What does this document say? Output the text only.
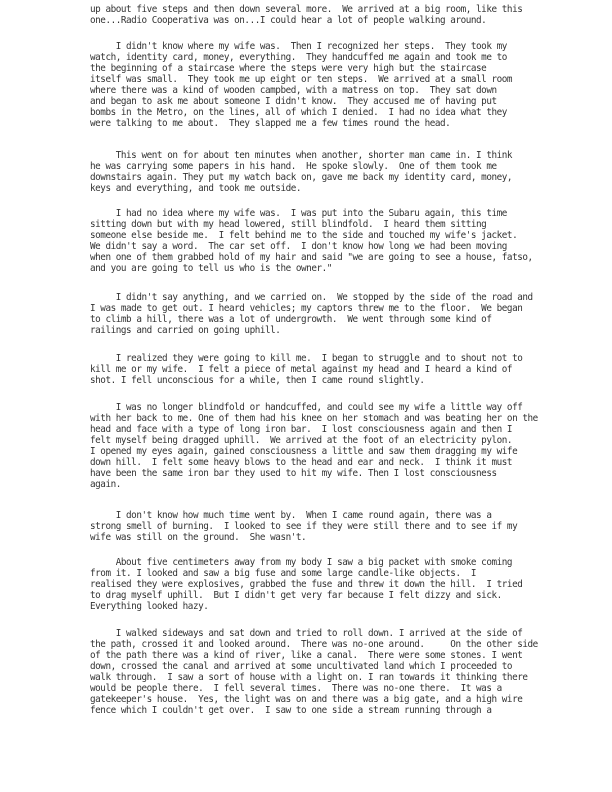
up about five steps and then down several more.  We arrived at a big room, like this

one...Radio Cooperativa was on...I could hear a lot of people walking around.

I didn't know where my wife was.  Then I recognized her steps.  They took my

watch, identity card, money, everything.  They handcuffed me again and took me to

the beginning of a staircase where the steps were very high but the staircase

itself was small.  They took me up eight or ten steps.  We arrived at a small room

where there was a kind of wooden campbed, with a matress on top.  They sat down

and began to ask me about someone I didn't know.  They accused me of having put

bombs in the Metro, on the lines, all of which I denied.  I had no idea what they

were talking to me about.  They slapped me a few times round the head.

This went on for about ten minutes when another, shorter man came in. I think

he was carrying some papers in his hand.  He spoke slowly.  One of them took me

downstairs again. They put my watch back on, gave me back my identity card, money,

keys and everything, and took me outside.

I had no idea where my wife was.  I was put into the Subaru again, this time

sitting down but with my head lowered, still blindfold.  I heard them sitting

someone else beside me.  I felt behind me to the side and touched my wife's jacket.

We didn't say a word.  The car set off.  I don't know how long we had been moving

when one of them grabbed hold of my hair and said "we are going to see a house, fatso,

and you are going to tell us who is the owner."

I didn't say anything, and we carried on.  We stopped by the side of the road and

I was made to get out. I heard vehicles; my captors threw me to the floor.  We began

to climb a hill, there was a lot of undergrowth.  We went through some kind of

railings and carried on going uphill.

I realized they were going to kill me.  I began to struggle and to shout not to

kill me or my wife.  I felt a piece of metal against my head and I heard a kind of

shot. I fell unconscious for a while, then I came round slightly.

I was no longer blindfold or handcuffed, and could see my wife a little way off

with her back to me. One of them had his knee on her stomach and was beating her on the

head and face with a type of long iron bar.  I lost consciousness again and then I

felt myself being dragged uphill.  We arrived at the foot of an electricity pylon.

I opened my eyes again, gained consciousness a little and saw them dragging my wife

down hill.  I felt some heavy blows to the head and ear and neck.  I think it must

have been the same iron bar they used to hit my wife. Then I lost consciousness

again.

I don't know how much time went by.  When I came round again, there was a

strong smell of burning.  I looked to see if they were still there and to see if my

wife was still on the ground.  She wasn't.

About five centimeters away from my body I saw a big packet with smoke coming

from it. I looked and saw a big fuse and some large candle-like objects.  I

realised they were explosives, grabbed the fuse and threw it down the hill.  I tried

to drag myself uphill.  But I didn't get very far because I felt dizzy and sick.

Everything looked hazy.

I walked sideways and sat down and tried to roll down. I arrived at the side of

the path, crossed it and looked around.  There was no-one around.     On the other side

of the path there was a kind of river, like a canal.  There were some stones. I went

down, crossed the canal and arrived at some uncultivated land which I proceeded to

walk through.  I saw a sort of house with a light on. I ran towards it thinking there

would be people there.  I fell several times.  There was no-one there.  It was a

gatekeeper's house.  Yes, the light was on and there was a big gate, and a high wire

fence which I couldn't get over.  I saw to one side a stream running through a
